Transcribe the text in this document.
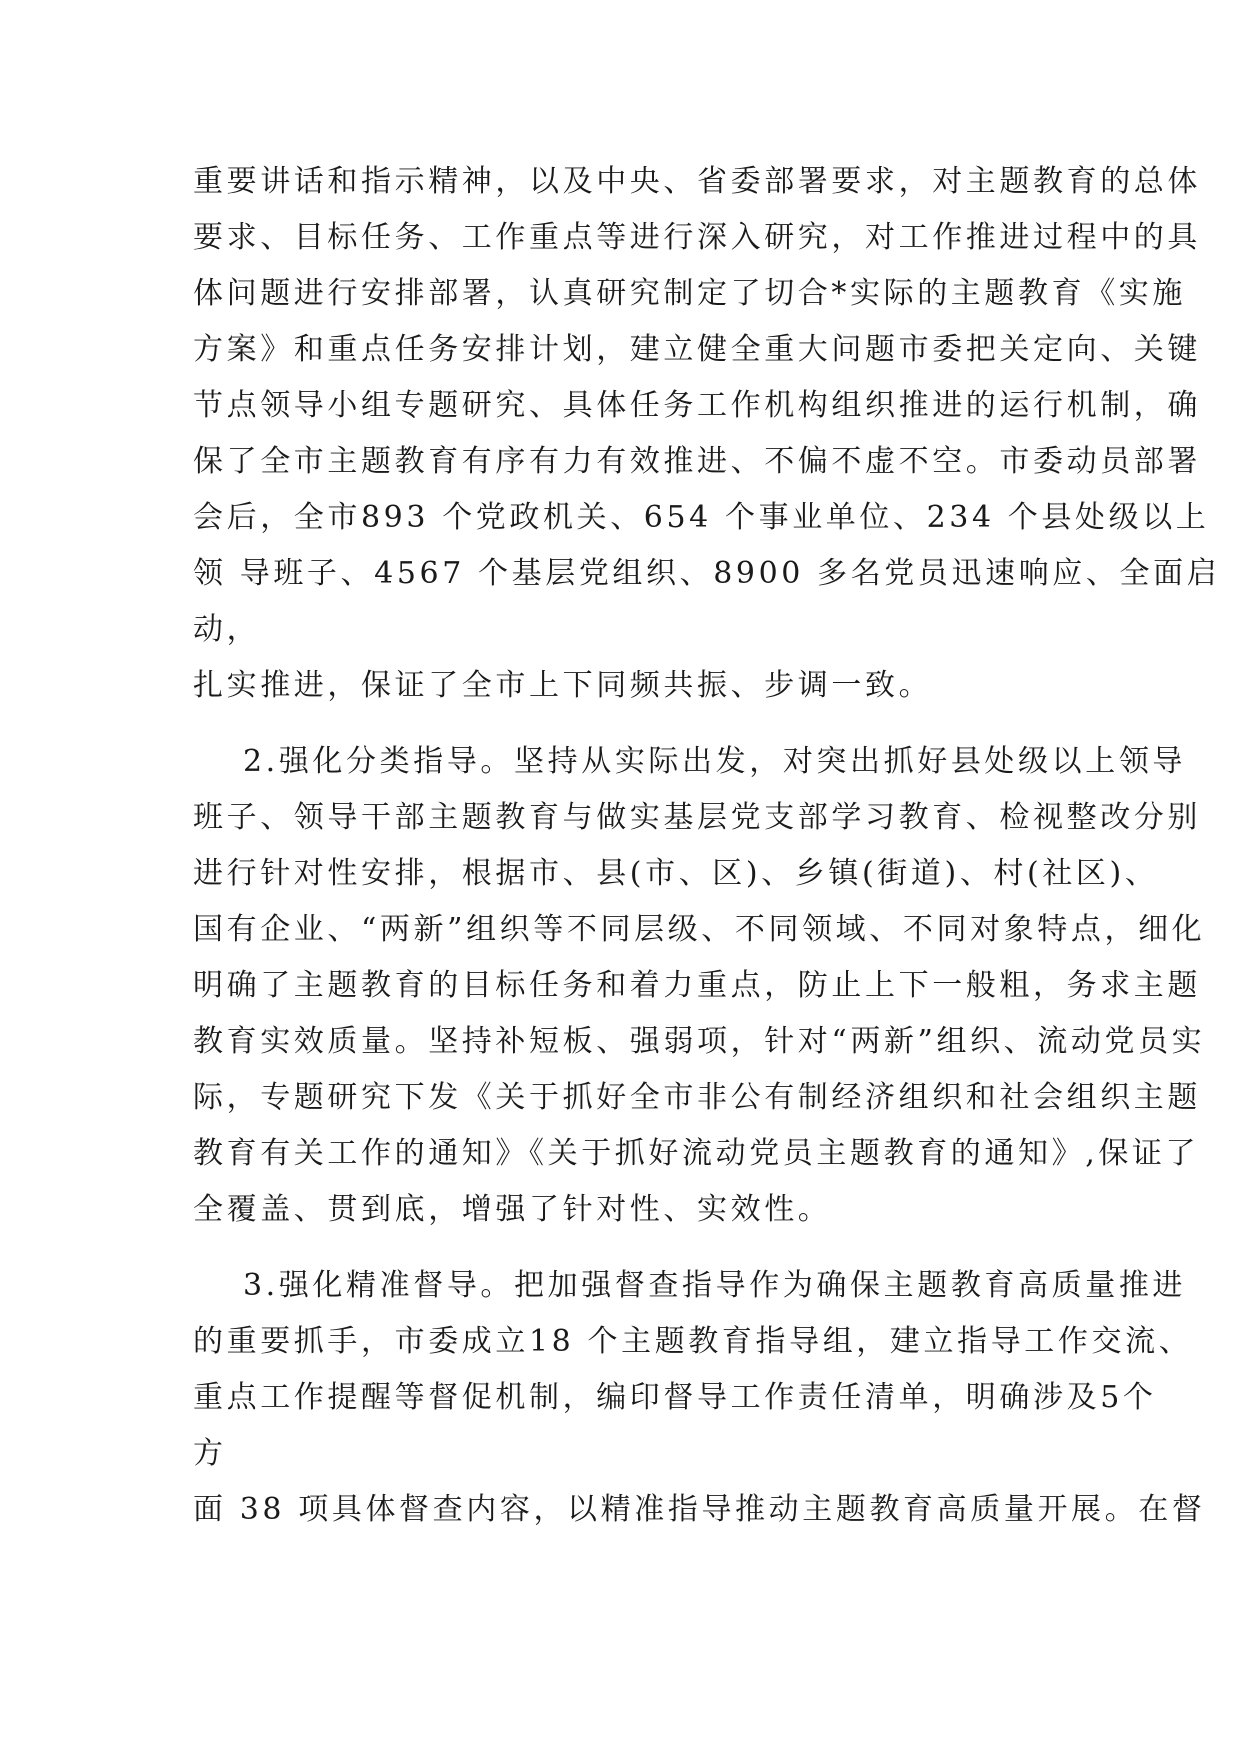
重要讲话和指示精神，以及中央、省委部署要求，对主题教育的总体
要求、目标任务、工作重点等进行深入研究，对工作推进过程中的具
体问题进行安排部署，认真研究制定了切合*实际的主题教育《实施
方案》和重点任务安排计划，建立健全重大问题市委把关定向、关键
节点领导小组专题研究、具体任务工作机构组织推进的运行机制，确
保了全市主题教育有序有力有效推进、不偏不虚不空。市委动员部署
会后，全市893 个党政机关、654 个事业单位、234 个县处级以上
领 导班子、4567 个基层党组织、8900 多名党员迅速响应、全面启
动，
扎实推进，保证了全市上下同频共振、步调一致。
2.强化分类指导。坚持从实际出发，对突出抓好县处级以上领导
班子、领导干部主题教育与做实基层党支部学习教育、检视整改分别
进行针对性安排，根据市、县(市、区)、乡镇(街道)、村(社区)、
国有企业、“两新”组织等不同层级、不同领域、不同对象特点，细化
明确了主题教育的目标任务和着力重点，防止上下一般粗，务求主题
教育实效质量。坚持补短板、强弱项，针对“两新”组织、流动党员实
际，专题研究下发《关于抓好全市非公有制经济组织和社会组织主题
教育有关工作的通知》《关于抓好流动党员主题教育的通知》,保证了
全覆盖、贯到底，增强了针对性、实效性。
3.强化精准督导。把加强督查指导作为确保主题教育高质量推进
的重要抓手，市委成立18 个主题教育指导组，建立指导工作交流、
重点工作提醒等督促机制，编印督导工作责任清单，明确涉及5个
方
面 38 项具体督查内容，以精准指导推动主题教育高质量开展。在督
